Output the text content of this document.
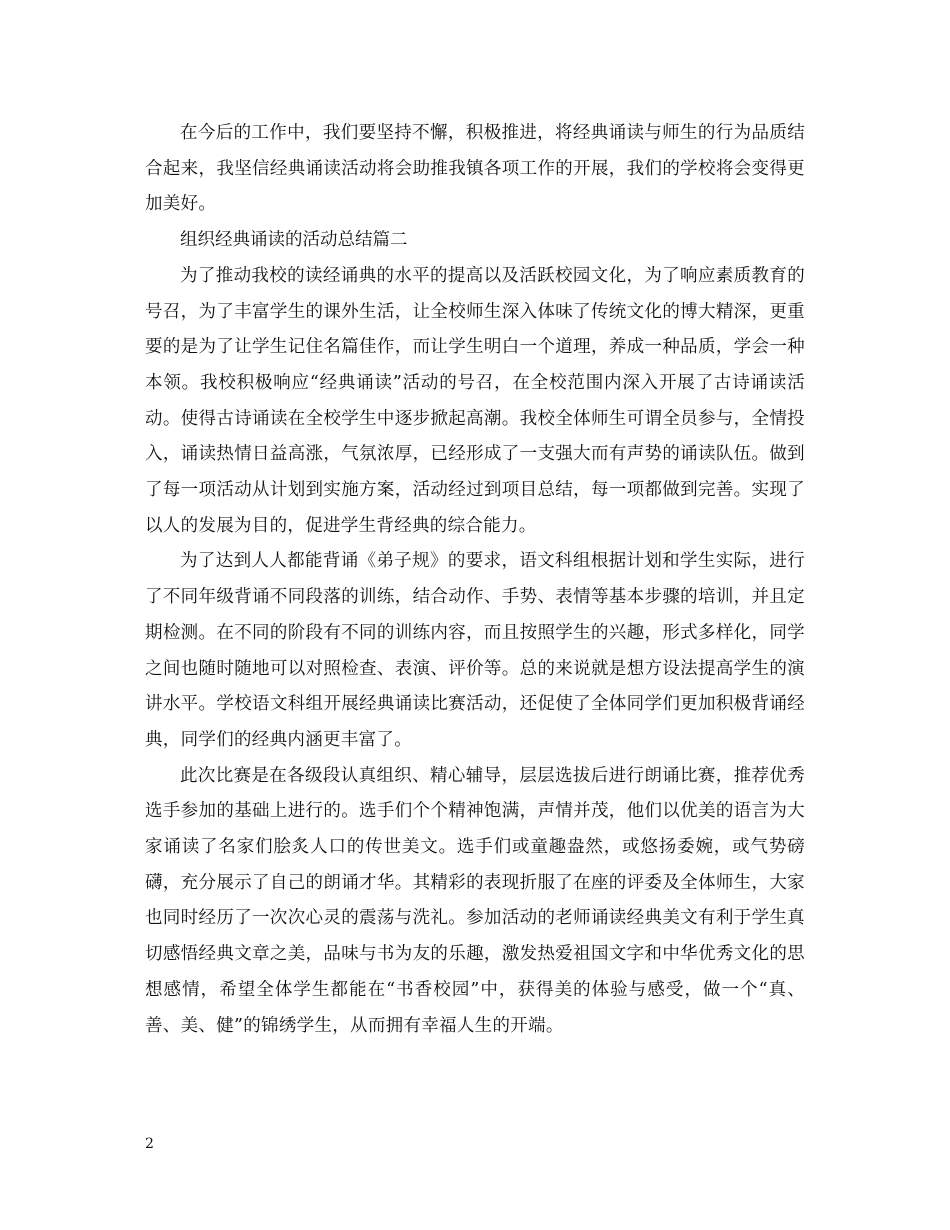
在今后的工作中，我们要坚持不懈，积极推进，将经典诵读与师生的行为品质结合起来，我坚信经典诵读活动将会助推我镇各项工作的开展，我们的学校将会变得更加美好。

组织经典诵读的活动总结篇二

为了推动我校的读经诵典的水平的提高以及活跃校园文化，为了响应素质教育的号召，为了丰富学生的课外生活，让全校师生深入体味了传统文化的博大精深，更重要的是为了让学生记住名篇佳作，而让学生明白一个道理，养成一种品质，学会一种本领。我校积极响应“经典诵读”活动的号召，在全校范围内深入开展了古诗诵读活动。使得古诗诵读在全校学生中逐步掀起高潮。我校全体师生可谓全员参与，全情投入，诵读热情日益高涨，气氛浓厚，已经形成了一支强大而有声势的诵读队伍。做到了每一项活动从计划到实施方案，活动经过到项目总结，每一项都做到完善。实现了以人的发展为目的，促进学生背经典的综合能力。

为了达到人人都能背诵《弟子规》的要求，语文科组根据计划和学生实际，进行了不同年级背诵不同段落的训练，结合动作、手势、表情等基本步骤的培训，并且定期检测。在不同的阶段有不同的训练内容，而且按照学生的兴趣，形式多样化，同学之间也随时随地可以对照检查、表演、评价等。总的来说就是想方设法提高学生的演讲水平。学校语文科组开展经典诵读比赛活动，还促使了全体同学们更加积极背诵经典，同学们的经典内涵更丰富了。

此次比赛是在各级段认真组织、精心辅导，层层选拔后进行朗诵比赛，推荐优秀选手参加的基础上进行的。选手们个个精神饱满，声情并茂，他们以优美的语言为大家诵读了名家们脍炙人口的传世美文。选手们或童趣盎然，或悠扬委婉，或气势磅礴，充分展示了自己的朗诵才华。其精彩的表现折服了在座的评委及全体师生，大家也同时经历了一次次心灵的震荡与洗礼。参加活动的老师诵读经典美文有利于学生真切感悟经典文章之美，品味与书为友的乐趣，激发热爱祖国文字和中华优秀文化的思想感情，希望全体学生都能在“书香校园”中，获得美的体验与感受，做一个“真、善、美、健”的锦绣学生，从而拥有幸福人生的开端。

2
